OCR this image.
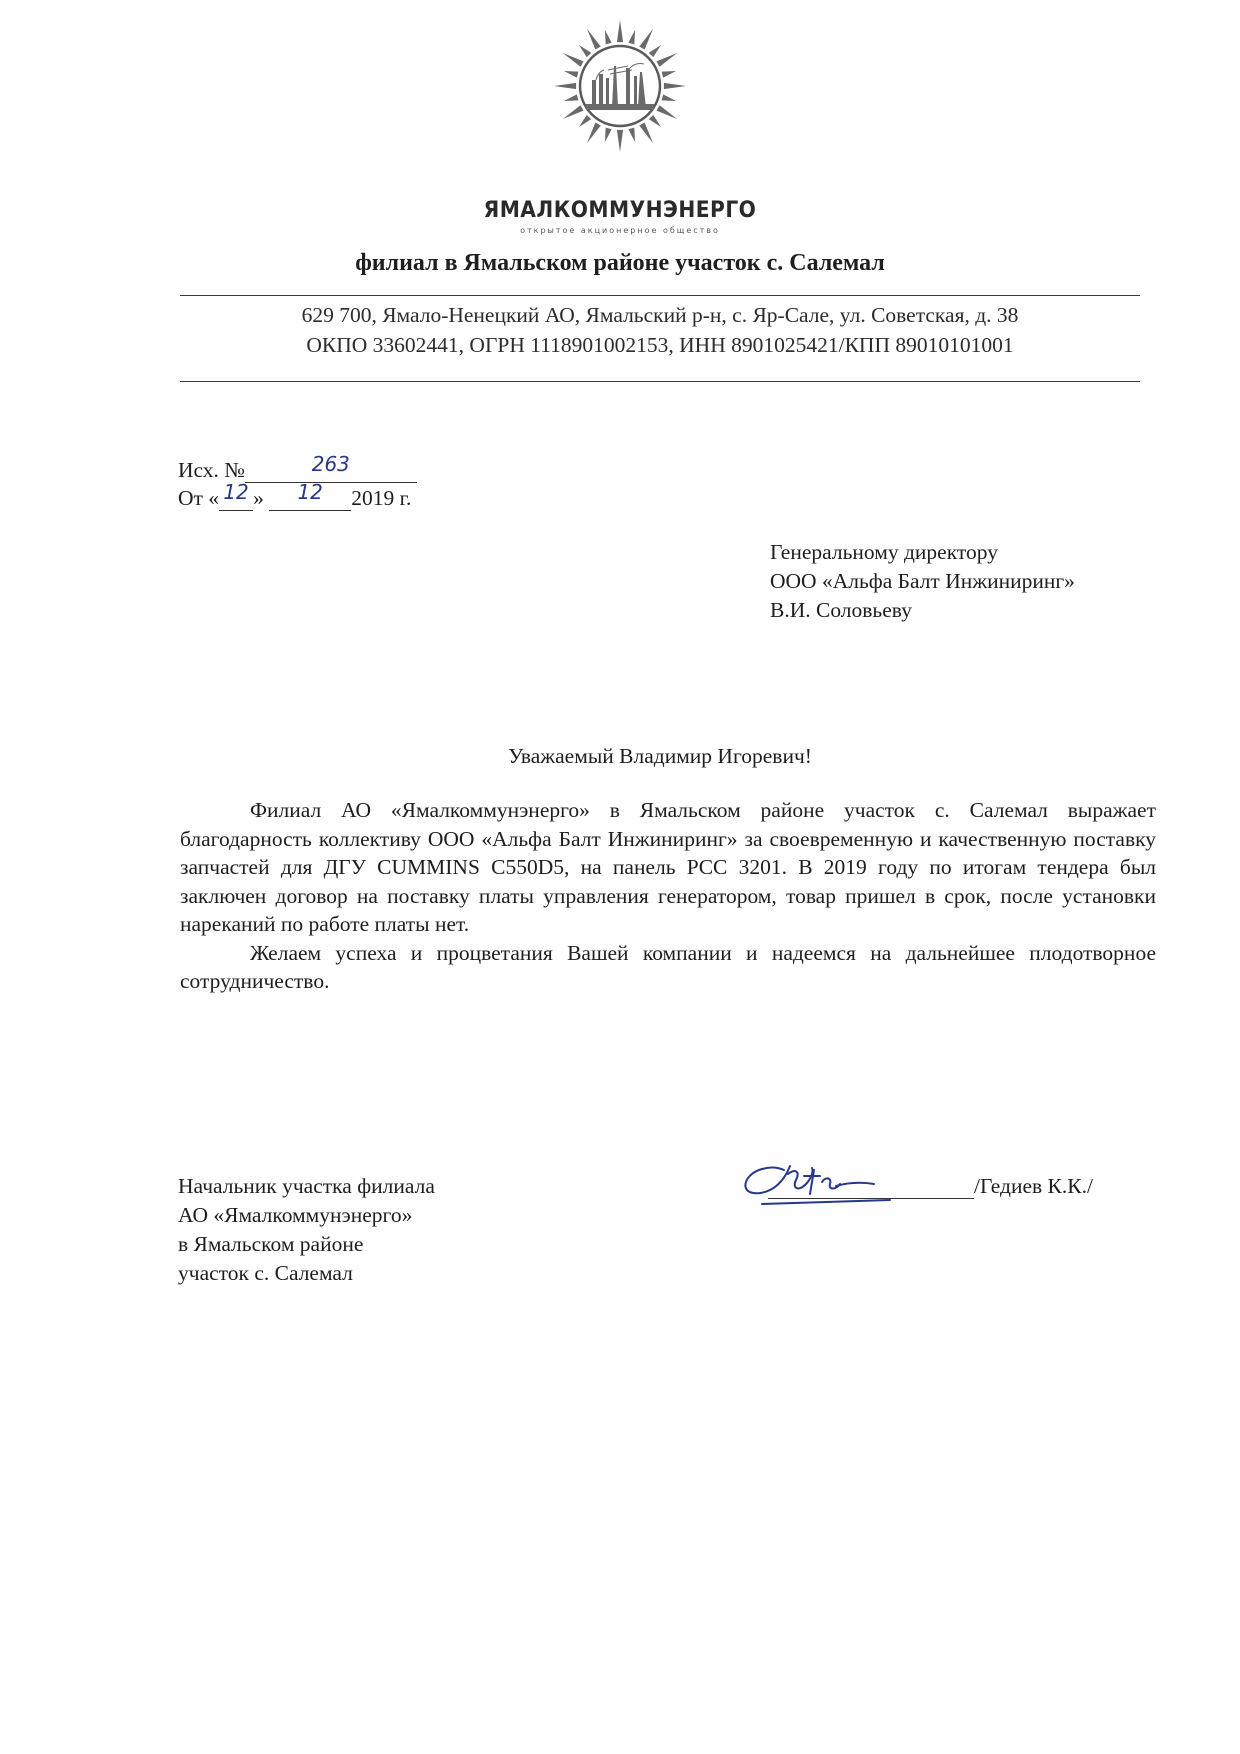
ЯМАЛКОММУНЭНЕРГО
открытое акционерное общество
филиал в Ямальском районе участок с. Салемал
629 700, Ямало-Ненецкий АО, Ямальский р-н, с. Яр-Сале, ул. Советская, д. 38
ОКПО 33602441, ОГРН 1118901002153, ИНН 8901025421/КПП 89010101001
Исх. №	263
От « 12 » 12 2019 г.
Генеральному директору
ООО «Альфа Балт Инжиниринг»
В.И. Соловьеву
Уважаемый Владимир Игоревич!

Филиал АО «Ямалкоммунэнерго» в Ямальском районе участок с. Салемал выражает благодарность коллективу ООО «Альфа Балт Инжиниринг» за своевременную и качественную поставку запчастей для ДГУ CUMMINS C550D5, на панель PCC 3201. В 2019 году по итогам тендера был заключен договор на поставку платы управления генератором, товар пришел в срок, после установки нареканий по работе платы нет.

Желаем успеха и процветания Вашей компании и надеемся на дальнейшее плодотворное сотрудничество.

Начальник участка филиала
АО «Ямалкоммунэнерго»
в Ямальском районе
участок с. Салемал
/Гедиев К.К./
